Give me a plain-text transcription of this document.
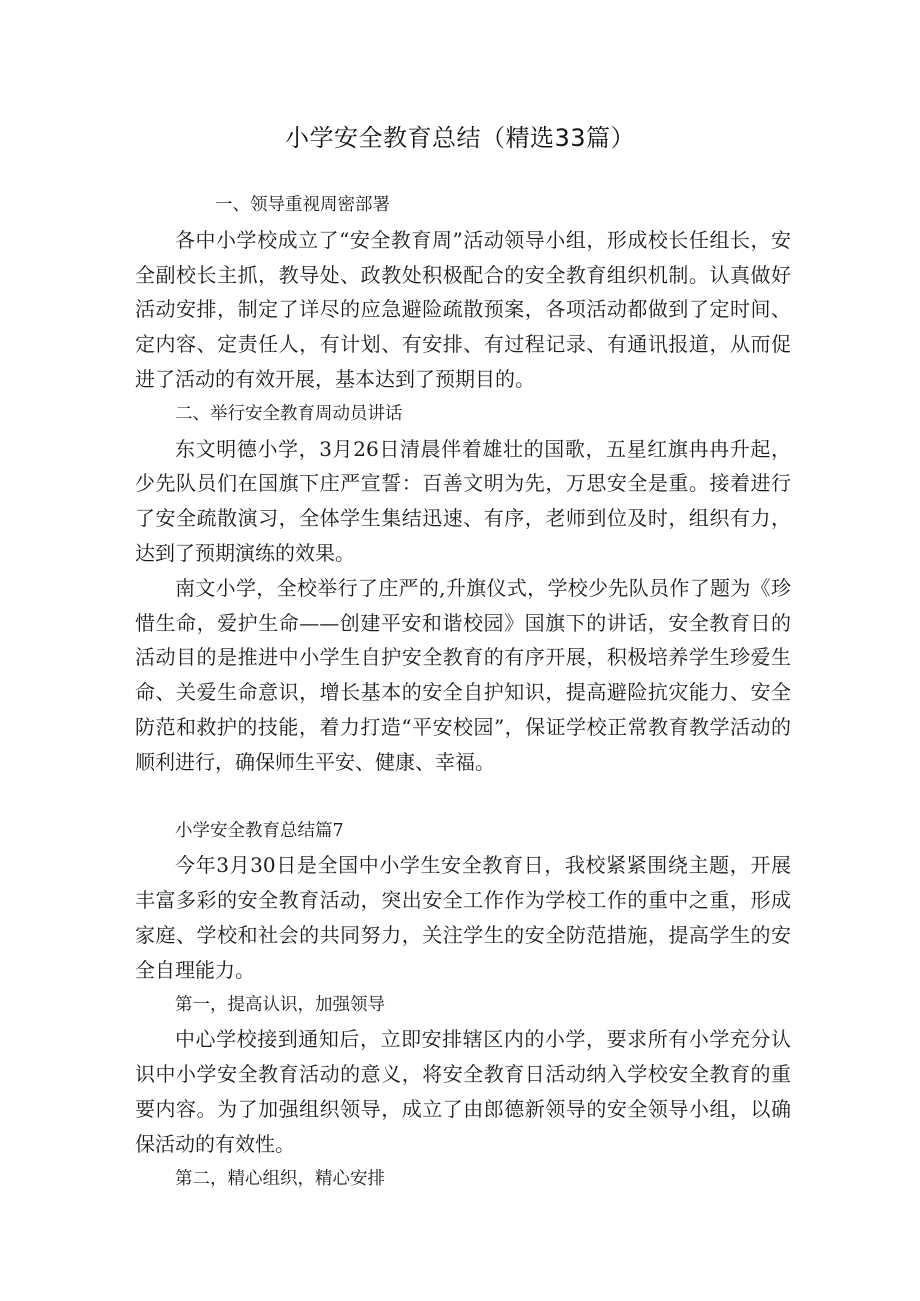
小学安全教育总结（精选33篇）

一、领导重视周密部署

各中小学校成立了“安全教育周”活动领导小组，形成校长任组长，安全副校长主抓，教导处、政教处积极配合的安全教育组织机制。认真做好活动安排，制定了详尽的应急避险疏散预案，各项活动都做到了定时间、定内容、定责任人，有计划、有安排、有过程记录、有通讯报道，从而促进了活动的有效开展，基本达到了预期目的。

二、举行安全教育周动员讲话

东文明德小学，3月26日清晨伴着雄壮的国歌，五星红旗冉冉升起，少先队员们在国旗下庄严宣誓：百善文明为先，万思安全是重。接着进行了安全疏散演习，全体学生集结迅速、有序，老师到位及时，组织有力，达到了预期演练的效果。

南文小学，全校举行了庄严的,升旗仪式，学校少先队员作了题为《珍惜生命，爱护生命——创建平安和谐校园》国旗下的讲话，安全教育日的活动目的是推进中小学生自护安全教育的有序开展，积极培养学生珍爱生命、关爱生命意识，增长基本的安全自护知识，提高避险抗灾能力、安全防范和救护的技能，着力打造“平安校园”，保证学校正常教育教学活动的顺利进行，确保师生平安、健康、幸福。

小学安全教育总结篇7

今年3月30日是全国中小学生安全教育日，我校紧紧围绕主题，开展丰富多彩的安全教育活动，突出安全工作作为学校工作的重中之重，形成家庭、学校和社会的共同努力，关注学生的安全防范措施，提高学生的安全自理能力。

第一，提高认识，加强领导

中心学校接到通知后，立即安排辖区内的小学，要求所有小学充分认识中小学安全教育活动的意义，将安全教育日活动纳入学校安全教育的重要内容。为了加强组织领导，成立了由郎德新领导的安全领导小组，以确保活动的有效性。

第二，精心组织，精心安排
